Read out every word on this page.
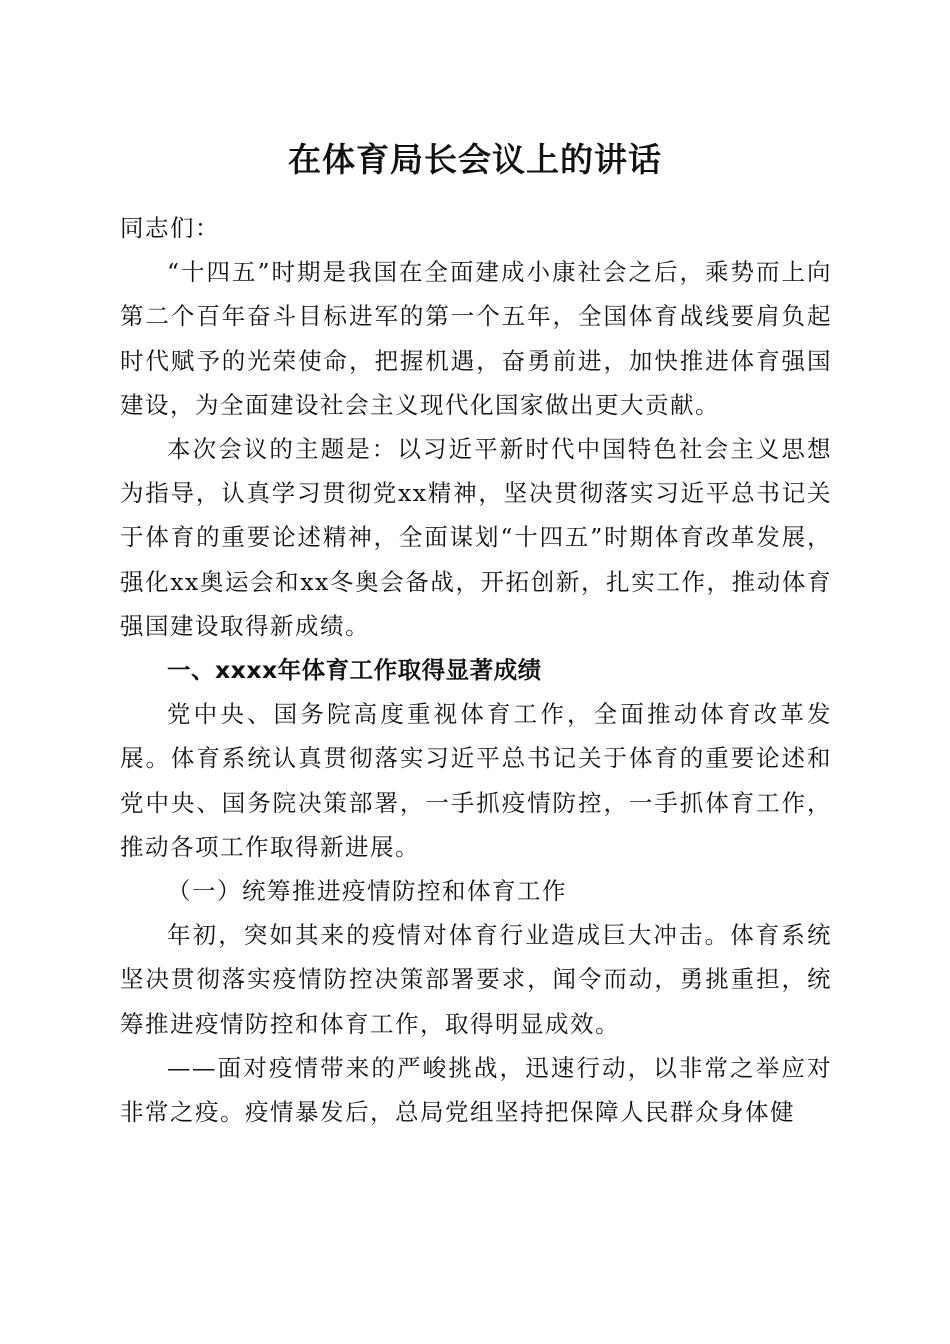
在体育局长会议上的讲话

同志们：

“十四五”时期是我国在全面建成小康社会之后，乘势而上向第二个百年奋斗目标进军的第一个五年，全国体育战线要肩负起时代赋予的光荣使命，把握机遇，奋勇前进，加快推进体育强国建设，为全面建设社会主义现代化国家做出更大贡献。

本次会议的主题是：以习近平新时代中国特色社会主义思想为指导，认真学习贯彻党xx精神，坚决贯彻落实习近平总书记关于体育的重要论述精神，全面谋划“十四五”时期体育改革发展，强化xx奥运会和xx冬奥会备战，开拓创新，扎实工作，推动体育强国建设取得新成绩。

一、xxxx年体育工作取得显著成绩

党中央、国务院高度重视体育工作，全面推动体育改革发展。体育系统认真贯彻落实习近平总书记关于体育的重要论述和党中央、国务院决策部署，一手抓疫情防控，一手抓体育工作，推动各项工作取得新进展。

（一）统筹推进疫情防控和体育工作

年初，突如其来的疫情对体育行业造成巨大冲击。体育系统坚决贯彻落实疫情防控决策部署要求，闻令而动，勇挑重担，统筹推进疫情防控和体育工作，取得明显成效。

——面对疫情带来的严峻挑战，迅速行动，以非常之举应对非常之疫。疫情暴发后，总局党组坚持把保障人民群众身体健
